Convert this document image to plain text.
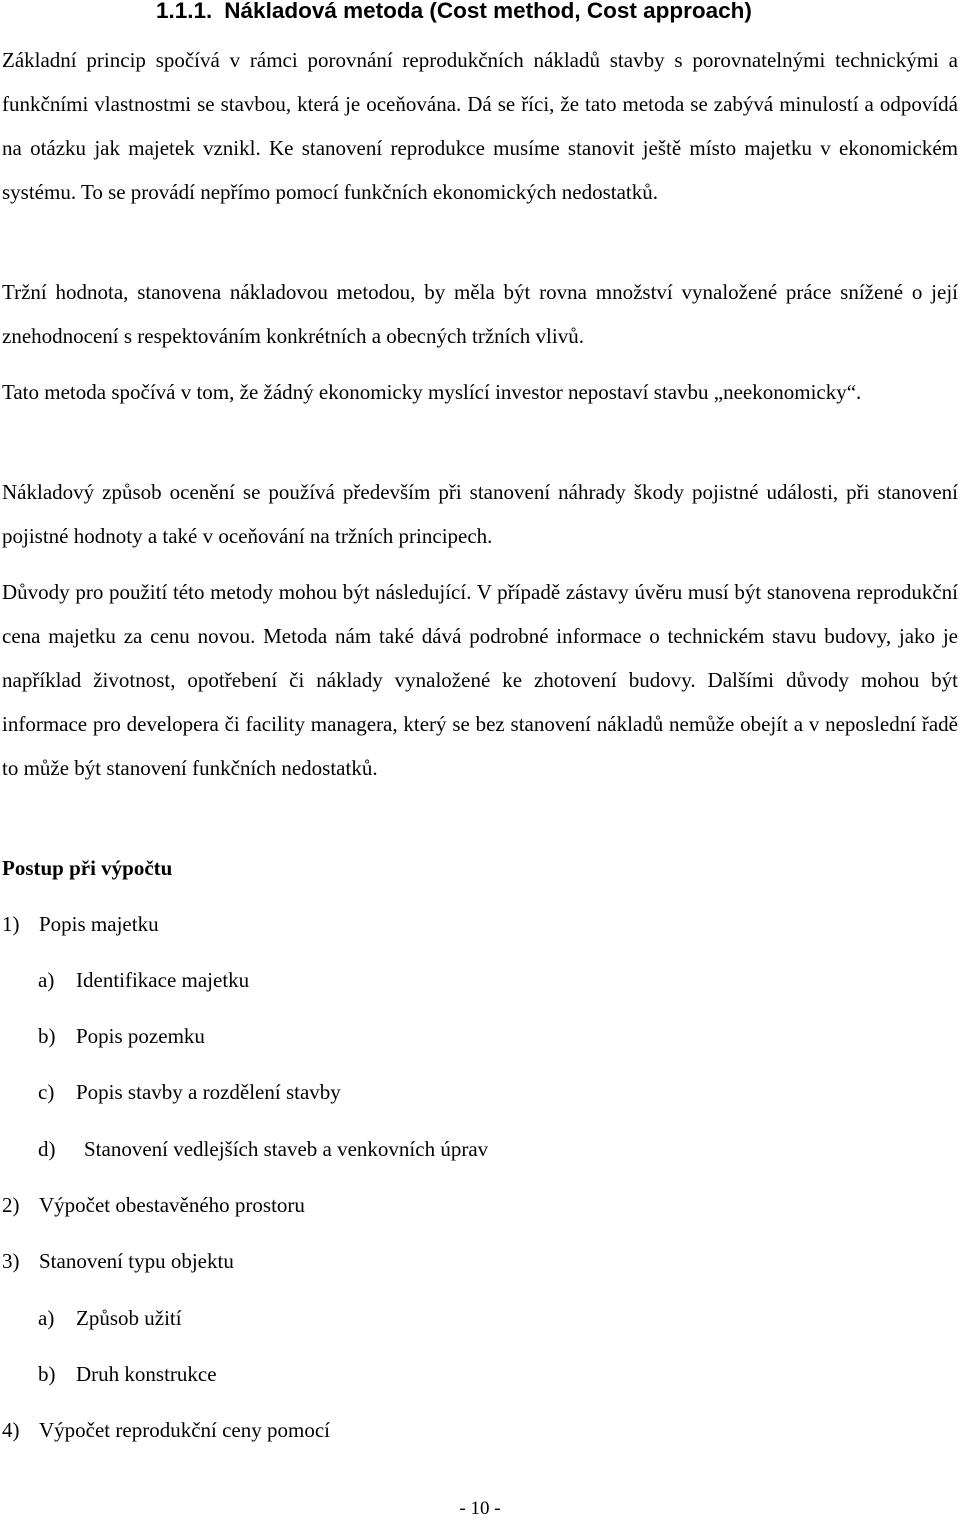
1.1.1. Nákladová metoda (Cost method, Cost approach)

Základní princip spočívá v rámci porovnání reprodukčních nákladů stavby s porovnatelnými technickými a funkčními vlastnostmi se stavbou, která je oceňována. Dá se říci, že tato metoda se zabývá minulostí a odpovídá na otázku jak majetek vznikl. Ke stanovení reprodukce musíme stanovit ještě místo majetku v ekonomickém systému. To se provádí nepřímo pomocí funkčních ekonomických nedostatků.

Tržní hodnota, stanovena nákladovou metodou, by měla být rovna množství vynaložené práce snížené o její znehodnocení s respektováním konkrétních a obecných tržních vlivů.

Tato metoda spočívá v tom, že žádný ekonomicky myslící investor nepostaví stavbu „neekonomicky“.

Nákladový způsob ocenění se používá především při stanovení náhrady škody pojistné události, při stanovení pojistné hodnoty a také v oceňování na tržních principech.

Důvody pro použití této metody mohou být následující. V případě zástavy úvěru musí být stanovena reprodukční cena majetku za cenu novou. Metoda nám také dává podrobné informace o technickém stavu budovy, jako je například životnost, opotřebení či náklady vynaložené ke zhotovení budovy. Dalšími důvody mohou být informace pro developera či facility managera, který se bez stanovení nákladů nemůže obejít a v neposlední řadě to může být stanovení funkčních nedostatků.

Postup při výpočtu
1) Popis majetku
a) Identifikace majetku
b) Popis pozemku
c) Popis stavby a rozdělení stavby
d) Stanovení vedlejších staveb a venkovních úprav
2) Výpočet obestavěného prostoru
3) Stanovení typu objektu
a) Způsob užití
b) Druh konstrukce
4) Výpočet reprodukční ceny pomocí
- 10 -
